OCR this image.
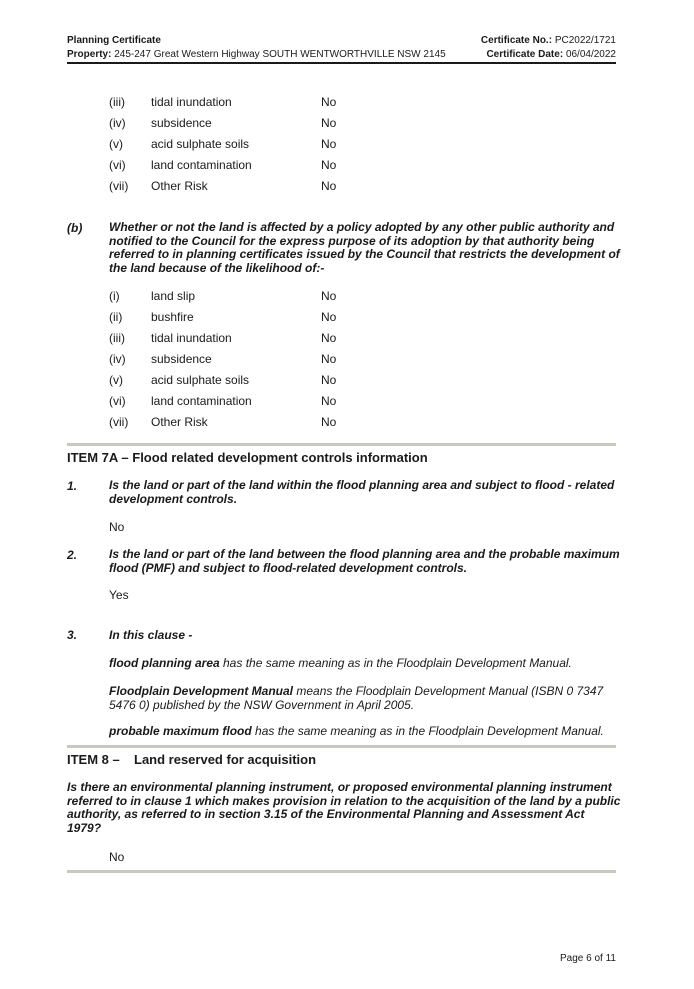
Planning Certificate
Property: 245-247 Great Western Highway SOUTH WENTWORTHVILLE NSW 2145
Certificate No.: PC2022/1721
Certificate Date: 06/04/2022
(iii) tidal inundation	No
(iv) subsidence	No
(v) acid sulphate soils	No
(vi) land contamination	No
(vii) Other Risk	No
(b) Whether or not the land is affected by a policy adopted by any other public authority and notified to the Council for the express purpose of its adoption by that authority being referred to in planning certificates issued by the Council that restricts the development of the land because of the likelihood of:-
(i)	land slip	No
(ii) bushfire	No
(iii) tidal inundation	No
(iv) subsidence	No
(v) acid sulphate soils	No
(vi) land contamination	No
(vii) Other Risk	No
ITEM 7A – Flood related development controls information
1.	Is the land or part of the land within the flood planning area and subject to flood - related development controls.
No
2.	Is the land or part of the land between the flood planning area and the probable maximum flood (PMF) and subject to flood-related development controls.
Yes
3.	In this clause -
flood planning area has the same meaning as in the Floodplain Development Manual.
Floodplain Development Manual means the Floodplain Development Manual (ISBN 0 7347 5476 0) published by the NSW Government in April 2005.
probable maximum flood has the same meaning as in the Floodplain Development Manual.
ITEM 8 – Land reserved for acquisition
Is there an environmental planning instrument, or proposed environmental planning instrument referred to in clause 1 which makes provision in relation to the acquisition of the land by a public authority, as referred to in section 3.15 of the Environmental Planning and Assessment Act 1979?
No
Page 6 of 11
